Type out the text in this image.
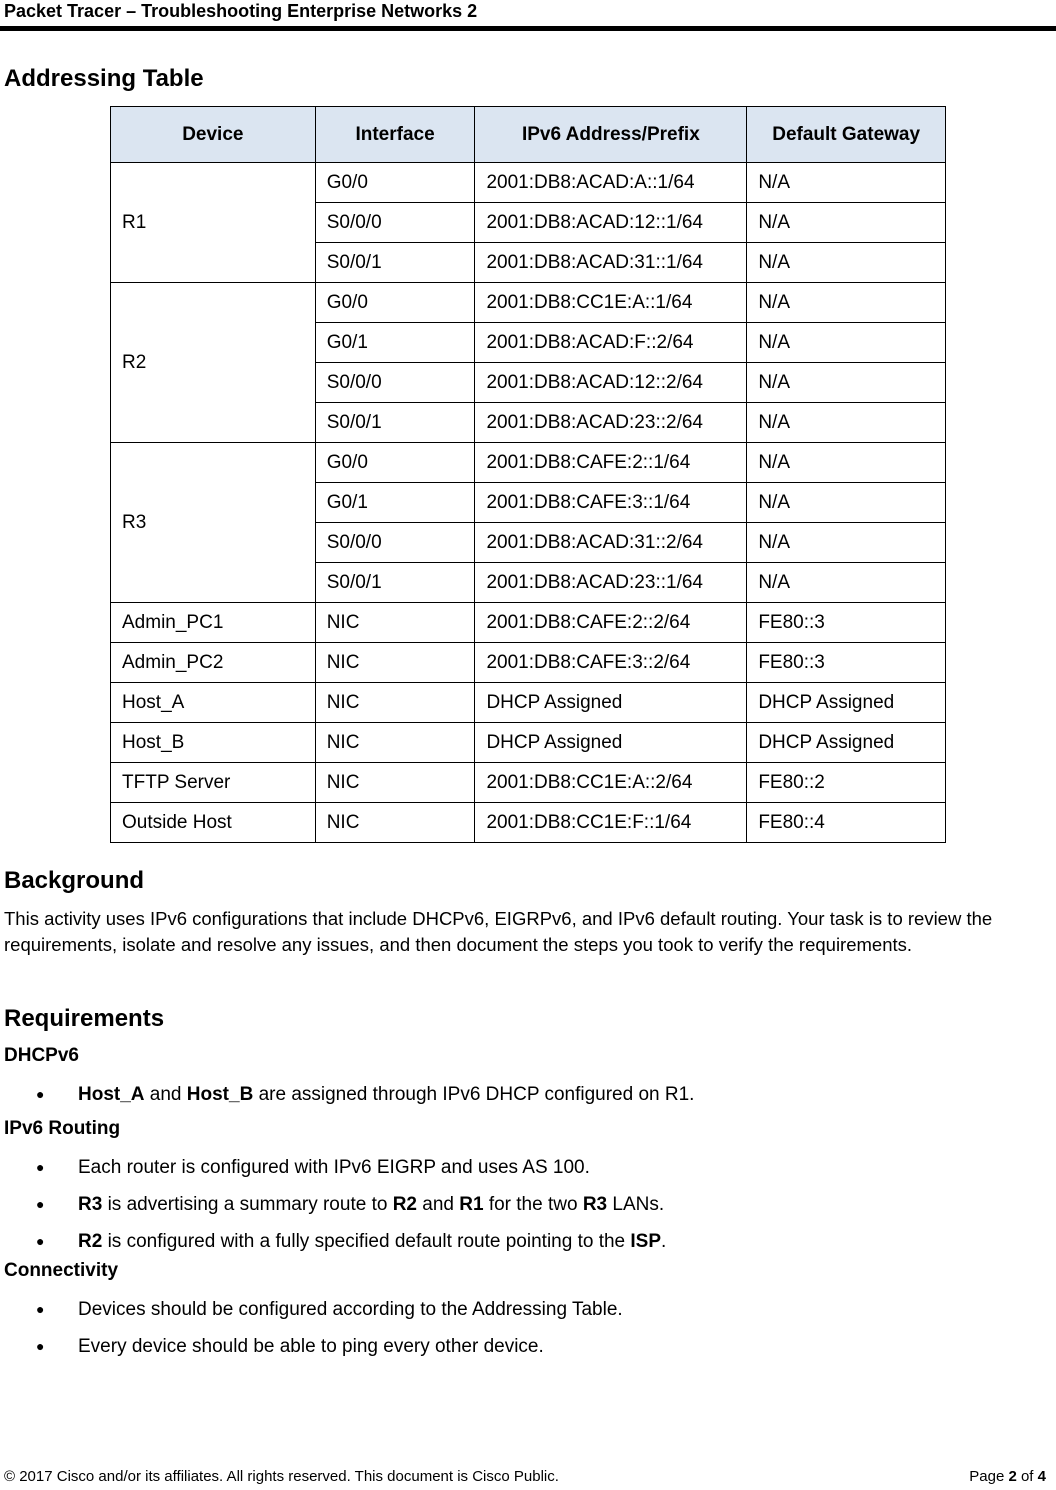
Packet Tracer – Troubleshooting Enterprise Networks 2
Addressing Table
Device	Interface	IPv6 Address/Prefix	Default Gateway
R1	G0/0	2001:DB8:ACAD:A::1/64	N/A
	S0/0/0	2001:DB8:ACAD:12::1/64	N/A
	S0/0/1	2001:DB8:ACAD:31::1/64	N/A
R2	G0/0	2001:DB8:CC1E:A::1/64	N/A
	G0/1	2001:DB8:ACAD:F::2/64	N/A
	S0/0/0	2001:DB8:ACAD:12::2/64	N/A
	S0/0/1	2001:DB8:ACAD:23::2/64	N/A
R3	G0/0	2001:DB8:CAFE:2::1/64	N/A
	G0/1	2001:DB8:CAFE:3::1/64	N/A
	S0/0/0	2001:DB8:ACAD:31::2/64	N/A
	S0/0/1	2001:DB8:ACAD:23::1/64	N/A
Admin_PC1	NIC	2001:DB8:CAFE:2::2/64	FE80::3
Admin_PC2	NIC	2001:DB8:CAFE:3::2/64	FE80::3
Host_A	NIC	DHCP Assigned	DHCP Assigned
Host_B	NIC	DHCP Assigned	DHCP Assigned
TFTP Server	NIC	2001:DB8:CC1E:A::2/64	FE80::2
Outside Host	NIC	2001:DB8:CC1E:F::1/64	FE80::4
Background

This activity uses IPv6 configurations that include DHCPv6, EIGRPv6, and IPv6 default routing. Your task is to review the requirements, isolate and resolve any issues, and then document the steps you took to verify the requirements.

Requirements
DHCPv6
● Host_A and Host_B are assigned through IPv6 DHCP configured on R1.
IPv6 Routing
● Each router is configured with IPv6 EIGRP and uses AS 100.
● R3 is advertising a summary route to R2 and R1 for the two R3 LANs.
● R2 is configured with a fully specified default route pointing to the ISP.
Connectivity
● Devices should be configured according to the Addressing Table.
● Every device should be able to ping every other device.
© 2017 Cisco and/or its affiliates. All rights reserved. This document is Cisco Public.	Page 2 of 4
